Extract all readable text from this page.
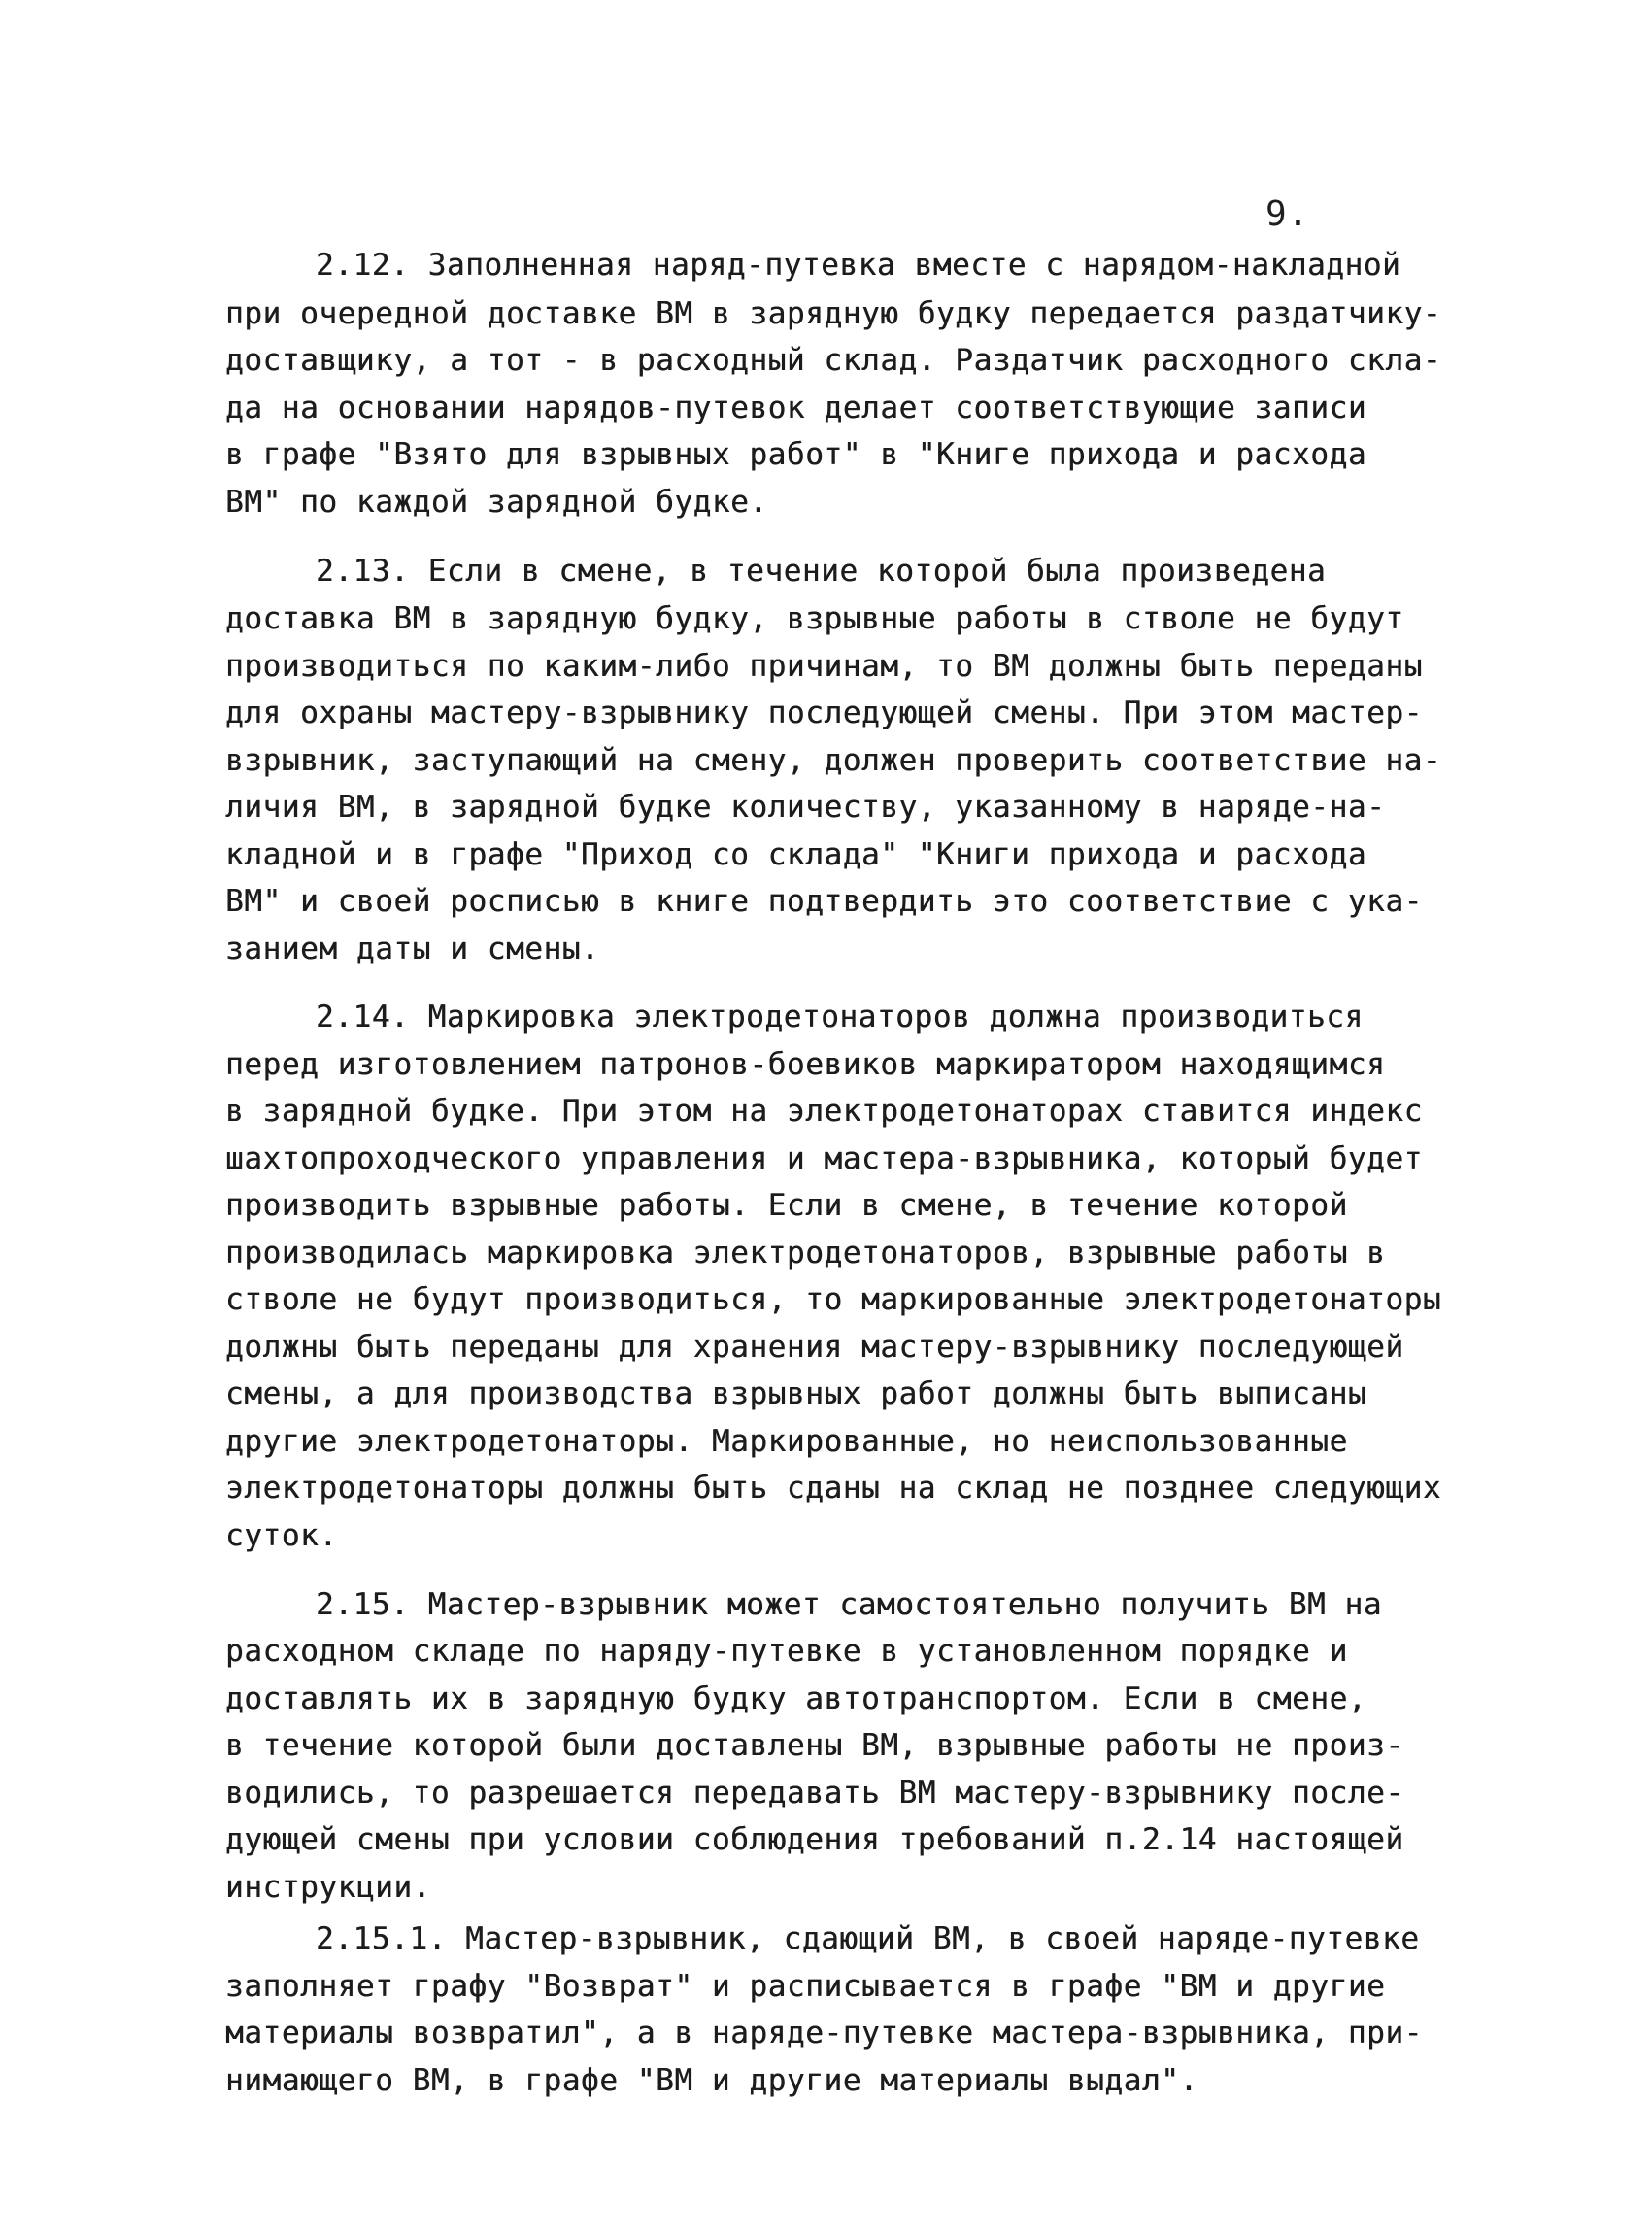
9.
2.12. Заполненная наряд-путевка вместе с нарядом-накладной
при очередной доставке ВМ в зарядную будку передается раздатчику-
доставщику, а тот - в расходный склад. Раздатчик расходного скла-
да на основании нарядов-путевок делает соответствующие записи
в графе "Взято для взрывных работ" в "Книге прихода и расхода
ВМ" по каждой зарядной будке.
2.13. Если в смене, в течение которой была произведена
доставка ВМ в зарядную будку, взрывные работы в стволе не будут
производиться по каким-либо причинам, то ВМ должны быть переданы
для охраны мастеру-взрывнику последующей смены. При этом мастер-
взрывник, заступающий на смену, должен проверить соответствие на-
личия ВМ, в зарядной будке количеству, указанному в наряде-на-
кладной и в графе "Приход со склада" "Книги прихода и расхода
ВМ" и своей росписью в книге подтвердить это соответствие с ука-
занием даты и смены.
2.14. Маркировка электродетонаторов должна производиться
перед изготовлением патронов-боевиков маркиратором находящимся
в зарядной будке. При этом на электродетонаторах ставится индекс
шахтопроходческого управления и мастера-взрывника, который будет
производить взрывные работы. Если в смене, в течение которой
производилась маркировка электродетонаторов, взрывные работы в
стволе не будут производиться, то маркированные электродетонаторы
должны быть переданы для хранения мастеру-взрывнику последующей
смены, а для производства взрывных работ должны быть выписаны
другие электродетонаторы. Маркированные, но неиспользованные
электродетонаторы должны быть сданы на склад не позднее следующих
суток.
2.15. Мастер-взрывник может самостоятельно получить ВМ на
расходном складе по наряду-путевке в установленном порядке и
доставлять их в зарядную будку автотранспортом. Если в смене,
в течение которой были доставлены ВМ, взрывные работы не произ-
водились, то разрешается передавать ВМ мастеру-взрывнику после-
дующей смены при условии соблюдения требований п.2.14 настоящей
инструкции.
2.15.1. Мастер-взрывник, сдающий ВМ, в своей наряде-путевке
заполняет графу "Возврат" и расписывается в графе "ВМ и другие
материалы возвратил", а в наряде-путевке мастера-взрывника, при-
нимающего ВМ, в графе "ВМ и другие материалы выдал".
